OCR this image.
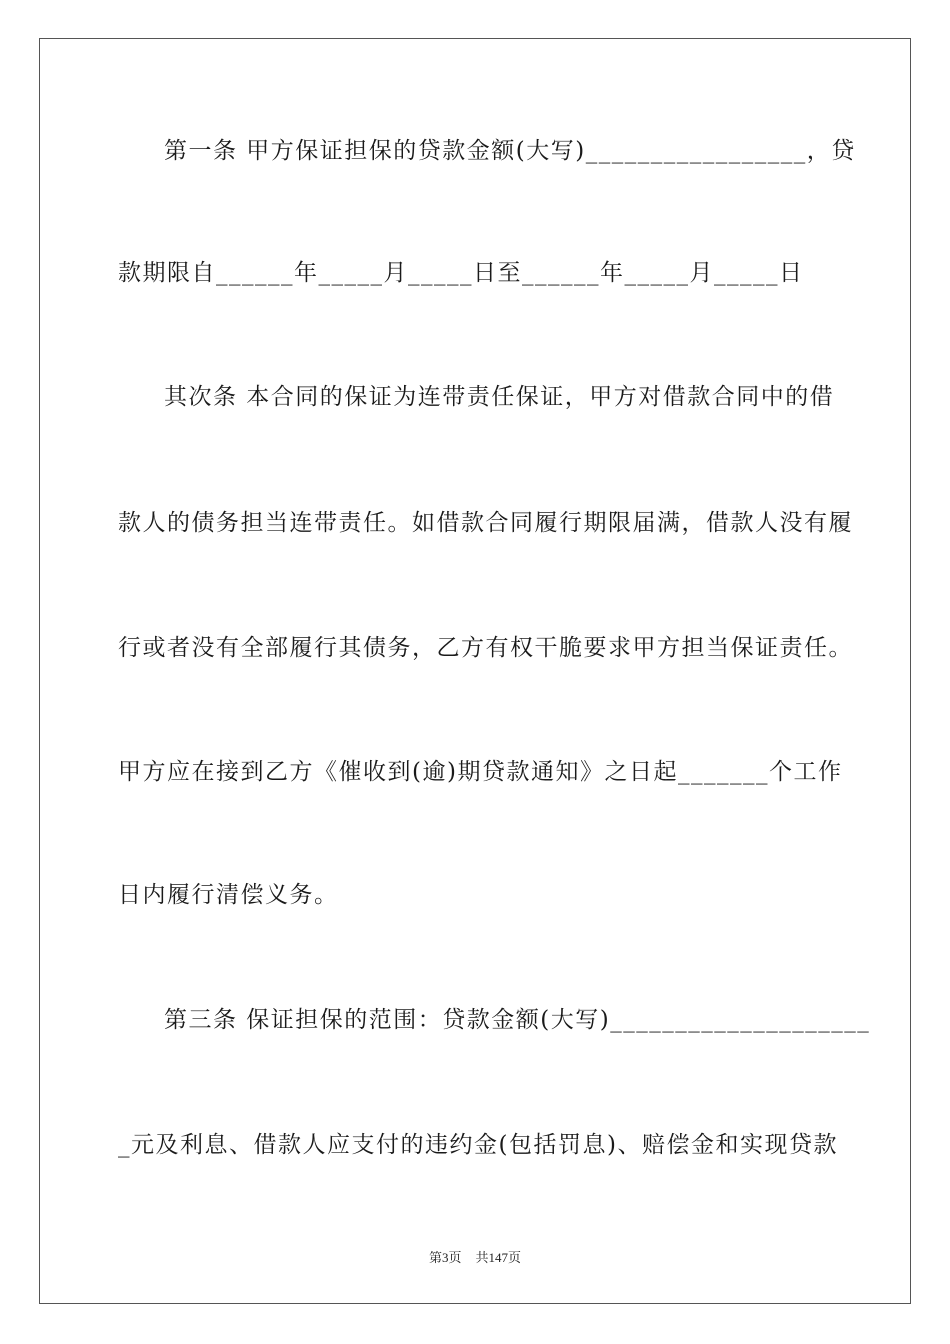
第一条 甲方保证担保的贷款金额(大写)_________________，贷
款期限自______年_____月_____日至______年_____月_____日
其次条 本合同的保证为连带责任保证，甲方对借款合同中的借
款人的债务担当连带责任。如借款合同履行期限届满，借款人没有履
行或者没有全部履行其债务，乙方有权干脆要求甲方担当保证责任。
甲方应在接到乙方《催收到(逾)期贷款通知》之日起_______个工作
日内履行清偿义务。
第三条 保证担保的范围：贷款金额(大写)____________________
_元及利息、借款人应支付的违约金(包括罚息)、赔偿金和实现贷款
第3页 共147页
